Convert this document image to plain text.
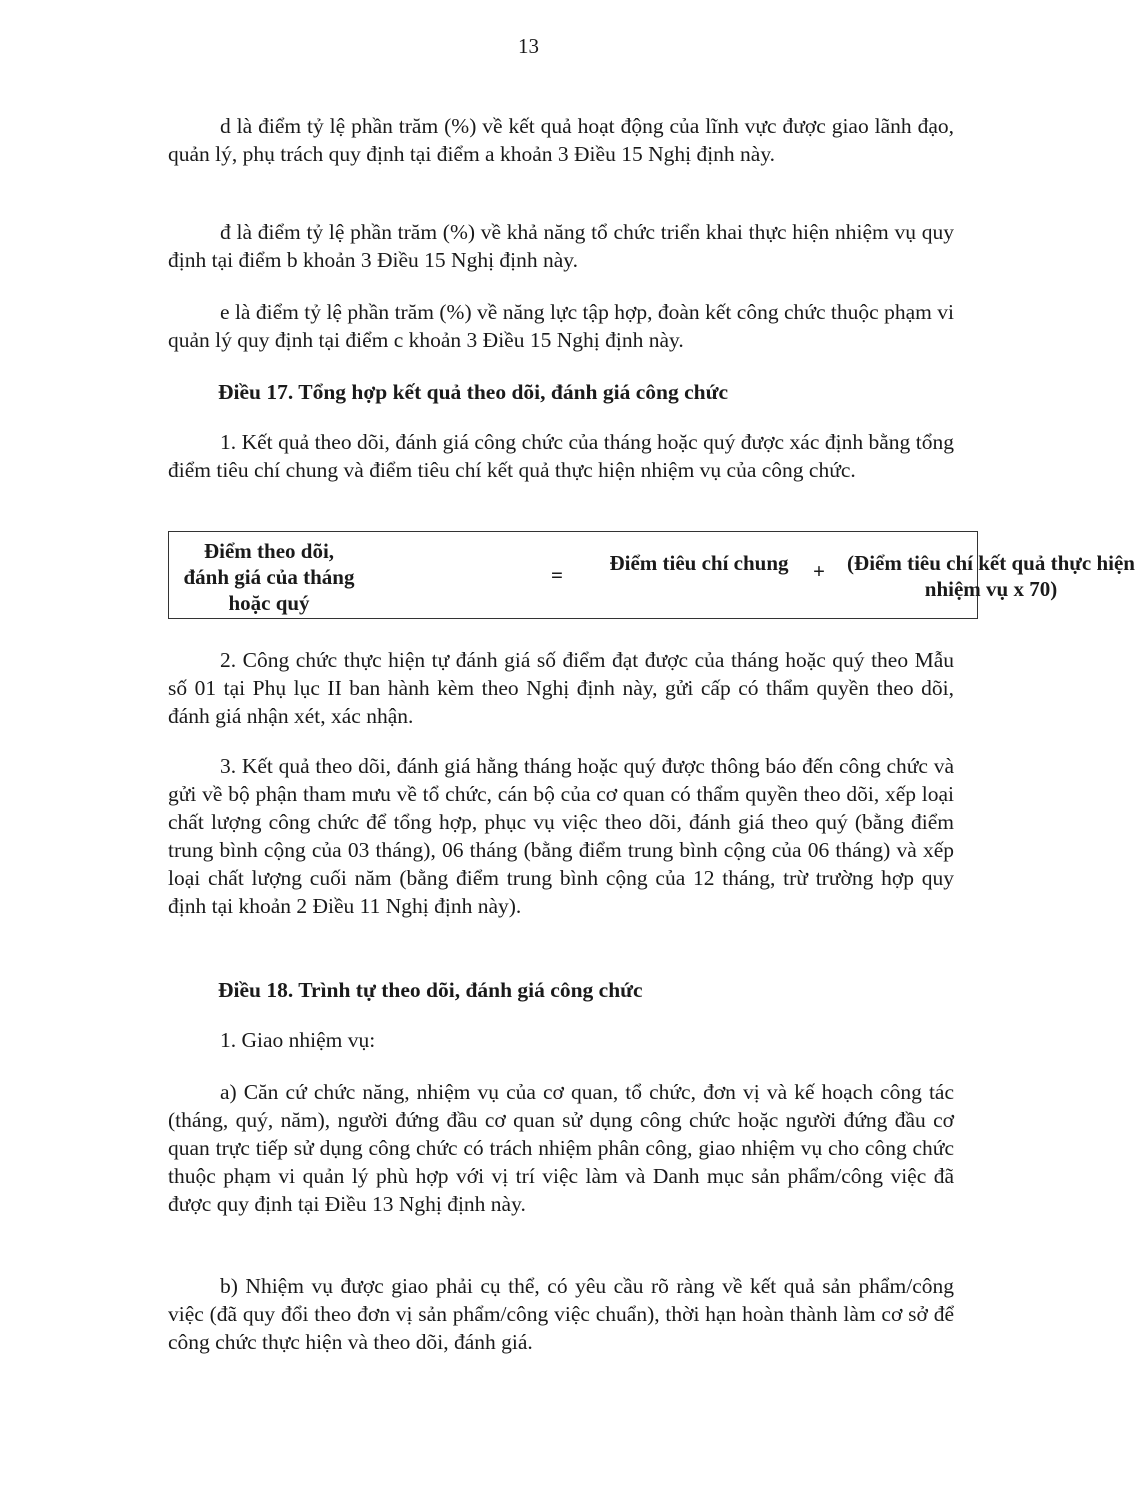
13

d là điểm tỷ lệ phần trăm (%) về kết quả hoạt động của lĩnh vực được giao lãnh đạo, quản lý, phụ trách quy định tại điểm a khoản 3 Điều 15 Nghị định này.

đ là điểm tỷ lệ phần trăm (%) về khả năng tổ chức triển khai thực hiện nhiệm vụ quy định tại điểm b khoản 3 Điều 15 Nghị định này.

e là điểm tỷ lệ phần trăm (%) về năng lực tập hợp, đoàn kết công chức thuộc phạm vi quản lý quy định tại điểm c khoản 3 Điều 15 Nghị định này.

Điều 17. Tổng hợp kết quả theo dõi, đánh giá công chức

1. Kết quả theo dõi, đánh giá công chức của tháng hoặc quý được xác định bằng tổng điểm tiêu chí chung và điểm tiêu chí kết quả thực hiện nhiệm vụ của công chức.

Điểm theo dõi, đánh giá của tháng hoặc quý
= Điểm tiêu chí chung + (Điểm tiêu chí kết quả thực hiện nhiệm vụ x 70)

2. Công chức thực hiện tự đánh giá số điểm đạt được của tháng hoặc quý theo Mẫu số 01 tại Phụ lục II ban hành kèm theo Nghị định này, gửi cấp có thẩm quyền theo dõi, đánh giá nhận xét, xác nhận.

3. Kết quả theo dõi, đánh giá hằng tháng hoặc quý được thông báo đến công chức và gửi về bộ phận tham mưu về tổ chức, cán bộ của cơ quan có thẩm quyền theo dõi, xếp loại chất lượng công chức để tổng hợp, phục vụ việc theo dõi, đánh giá theo quý (bằng điểm trung bình cộng của 03 tháng), 06 tháng (bằng điểm trung bình cộng của 06 tháng) và xếp loại chất lượng cuối năm (bằng điểm trung bình cộng của 12 tháng, trừ trường hợp quy định tại khoản 2 Điều 11 Nghị định này).

Điều 18. Trình tự theo dõi, đánh giá công chức

1. Giao nhiệm vụ:

a) Căn cứ chức năng, nhiệm vụ của cơ quan, tổ chức, đơn vị và kế hoạch công tác (tháng, quý, năm), người đứng đầu cơ quan sử dụng công chức hoặc người đứng đầu cơ quan trực tiếp sử dụng công chức có trách nhiệm phân công, giao nhiệm vụ cho công chức thuộc phạm vi quản lý phù hợp với vị trí việc làm và Danh mục sản phẩm/công việc đã được quy định tại Điều 13 Nghị định này.

b) Nhiệm vụ được giao phải cụ thể, có yêu cầu rõ ràng về kết quả sản phẩm/công việc (đã quy đổi theo đơn vị sản phẩm/công việc chuẩn), thời hạn hoàn thành làm cơ sở để công chức thực hiện và theo dõi, đánh giá.
